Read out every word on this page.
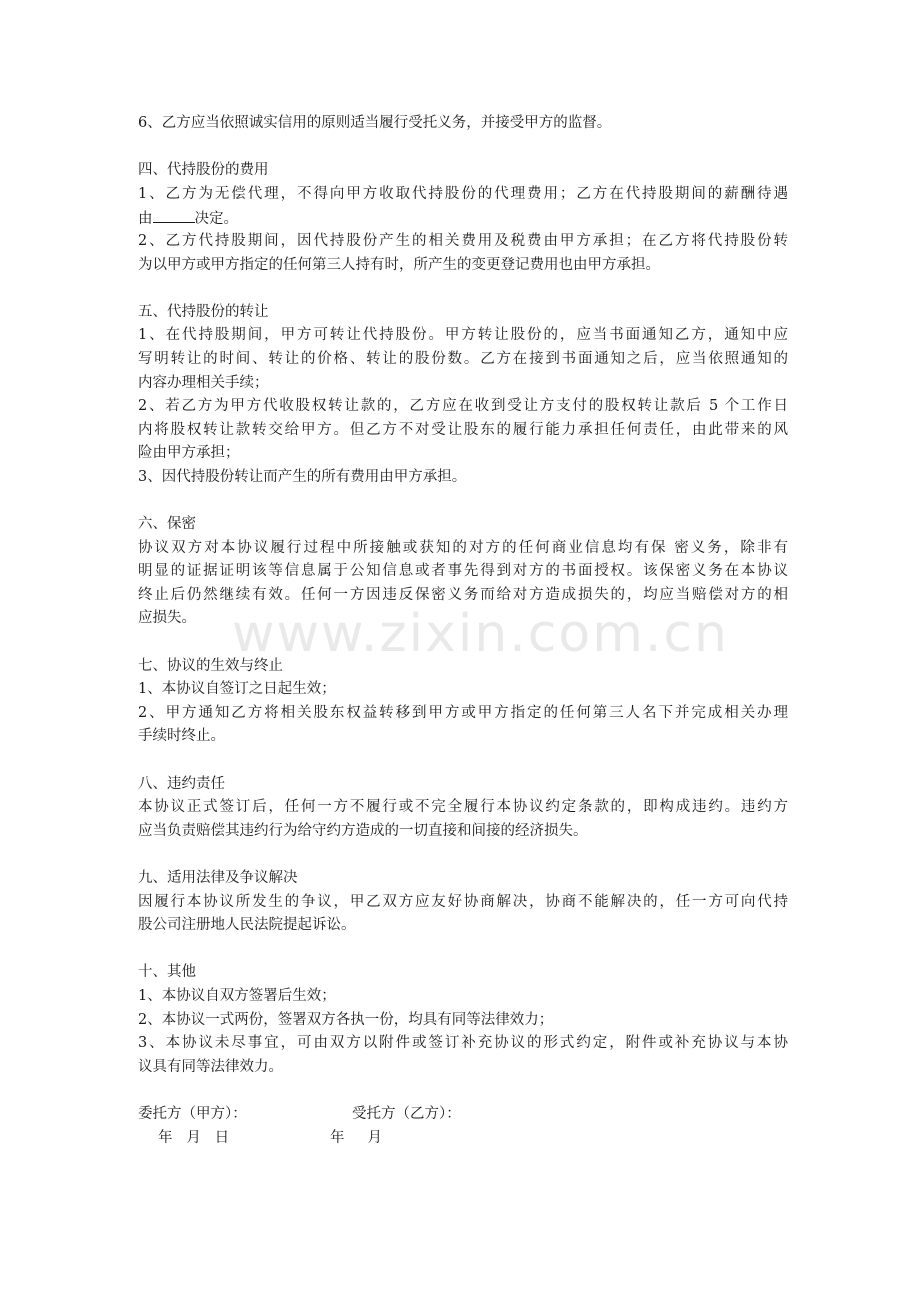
6、乙方应当依照诚实信用的原则适当履行受托义务，并接受甲方的监督。
四、代持股份的费用
1、乙方为无偿代理，不得向甲方收取代持股份的代理费用；乙方在代持股期间的薪酬待遇
由	决定。
2、乙方代持股期间，因代持股份产生的相关费用及税费由甲方承担；在乙方将代持股份转
为以甲方或甲方指定的任何第三人持有时，所产生的变更登记费用也由甲方承担。
五、代持股份的转让
1、在代持股期间，甲方可转让代持股份。甲方转让股份的，应当书面通知乙方，通知中应
写明转让的时间、转让的价格、转让的股份数。乙方在接到书面通知之后，应当依照通知的
内容办理相关手续；
2、若乙方为甲方代收股权转让款的，乙方应在收到受让方支付的股权转让款后 5 个工作日
内将股权转让款转交给甲方。但乙方不对受让股东的履行能力承担任何责任，由此带来的风
险由甲方承担；
3、因代持股份转让而产生的所有费用由甲方承担。
六、保密
协议双方对本协议履行过程中所接触或获知的对方的任何商业信息均有保 密义务，除非有
明显的证据证明该等信息属于公知信息或者事先得到对方的书面授权。该保密义务在本协议
终止后仍然继续有效。任何一方因违反保密义务而给对方造成损失的，均应当赔偿对方的相
应损失。
七、协议的生效与终止
1、本协议自签订之日起生效；
2、甲方通知乙方将相关股东权益转移到甲方或甲方指定的任何第三人名下并完成相关办理
手续时终止。
八、违约责任
本协议正式签订后，任何一方不履行或不完全履行本协议约定条款的，即构成违约。违约方
应当负责赔偿其违约行为给守约方造成的一切直接和间接的经济损失。
九、适用法律及争议解决
因履行本协议所发生的争议，甲乙双方应友好协商解决，协商不能解决的，任一方可向代持
股公司注册地人民法院提起诉讼。
十、其他
1、本协议自双方签署后生效；
2、本协议一式两份，签署双方各执一份，均具有同等法律效力；
3、本协议未尽事宜，可由双方以附件或签订补充协议的形式约定，附件或补充协议与本协
议具有同等法律效力。
委托方（甲方）：	受托方（乙方）：
年   月   日	年     月
www.zixin.com.cn
